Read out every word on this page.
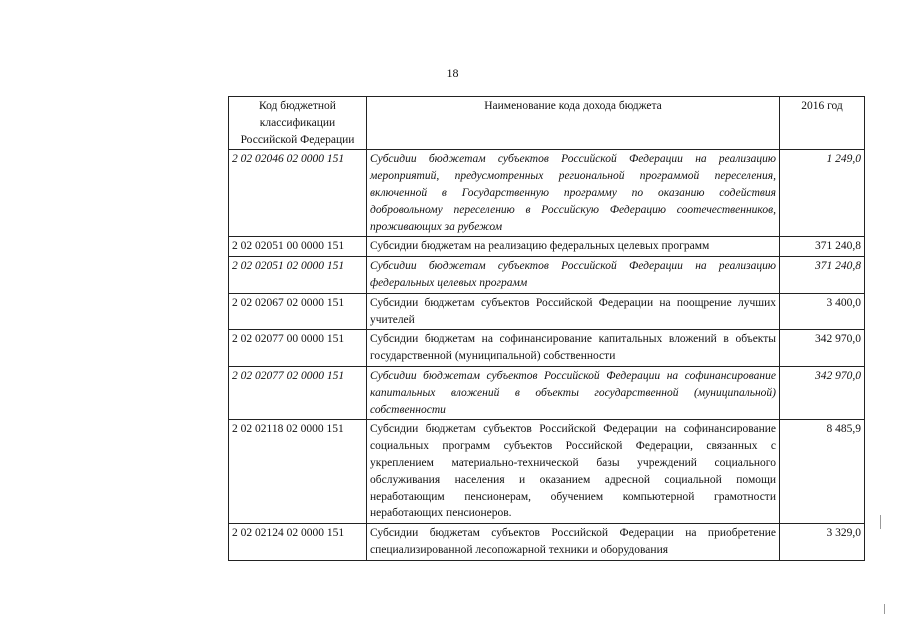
18
Код бюджетной классификации Российской Федерации	Наименование кода дохода бюджета	2016 год
2 02 02046 02 0000 151	Субсидии бюджетам субъектов Российской Федерации на реализацию мероприятий, предусмотренных региональной программой переселения, включенной в Государственную программу по оказанию содействия добровольному переселению в Российскую Федерацию соотечественников, проживающих за рубежом	1 249,0
2 02 02051 00 0000 151	Субсидии бюджетам на реализацию федеральных целевых программ	371 240,8
2 02 02051 02 0000 151	Субсидии бюджетам субъектов Российской Федерации на реализацию федеральных целевых программ	371 240,8
2 02 02067 02 0000 151	Субсидии бюджетам субъектов Российской Федерации на поощрение лучших учителей	3 400,0
2 02 02077 00 0000 151	Субсидии бюджетам на софинансирование капитальных вложений в объекты государственной (муниципальной) собственности	342 970,0
2 02 02077 02 0000 151	Субсидии бюджетам субъектов Российской Федерации на софинансирование капитальных вложений в объекты государственной (муниципальной) собственности	342 970,0
2 02 02118 02 0000 151	Субсидии бюджетам субъектов Российской Федерации на софинансирование социальных программ субъектов Российской Федерации, связанных с укреплением материально-технической базы учреждений социального обслуживания населения и оказанием адресной социальной помощи неработающим пенсионерам, обучением компьютерной грамотности неработающих пенсионеров.	8 485,9
2 02 02124 02 0000 151	Субсидии бюджетам субъектов Российской Федерации на приобретение специализированной лесопожарной техники и оборудования	3 329,0
